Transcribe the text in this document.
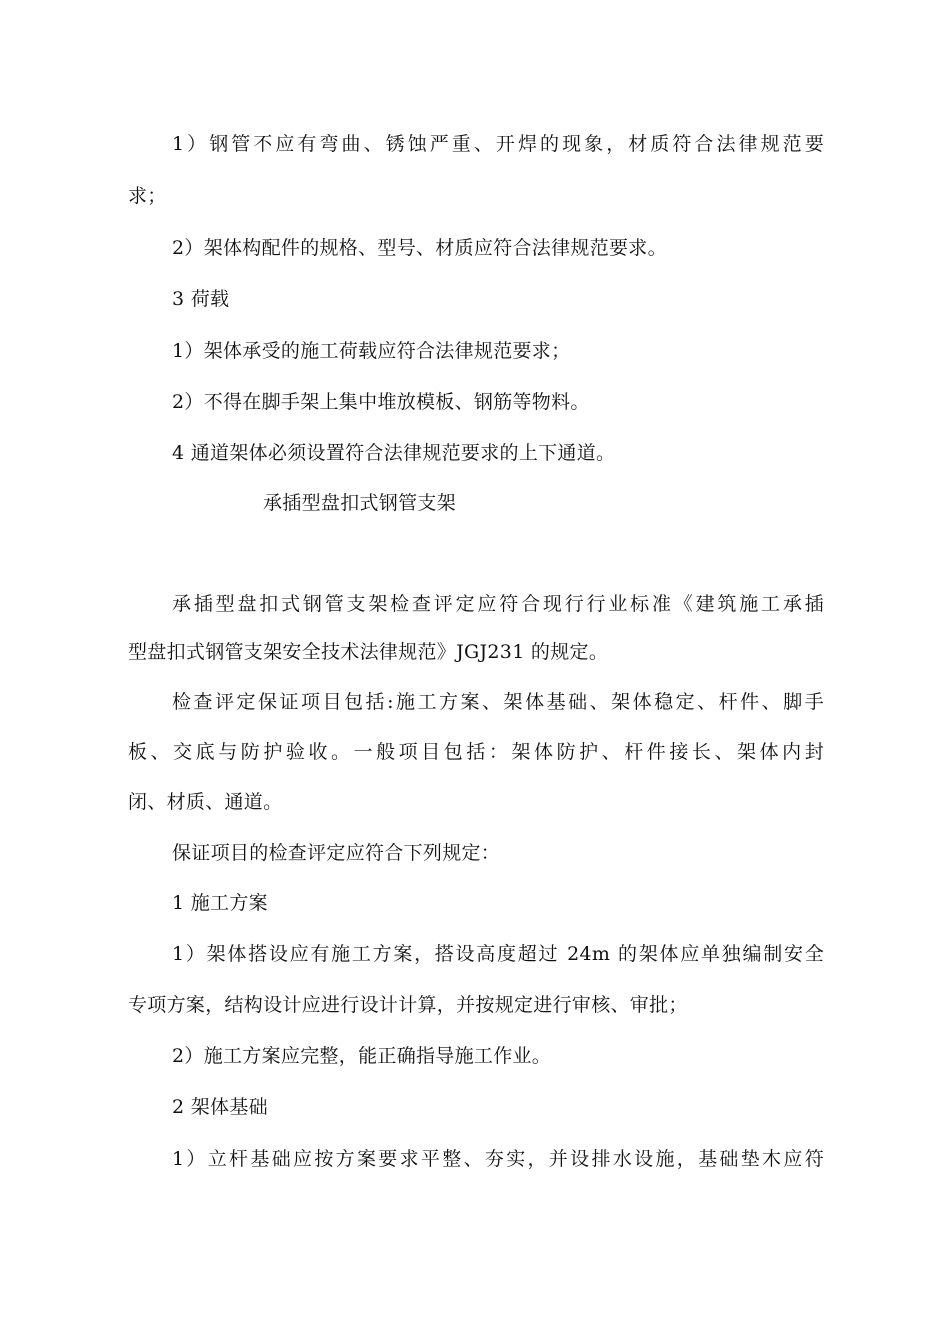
1）钢管不应有弯曲、锈蚀严重、开焊的现象，材质符合法律规范要
求；
2）架体构配件的规格、型号、材质应符合法律规范要求。
3 荷载
1）架体承受的施工荷载应符合法律规范要求；
2）不得在脚手架上集中堆放模板、钢筋等物料。
4 通道架体必须设置符合法律规范要求的上下通道。
承插型盘扣式钢管支架
承插型盘扣式钢管支架检查评定应符合现行行业标准《建筑施工承插
型盘扣式钢管支架安全技术法律规范》JGJ231 的规定。
检查评定保证项目包括:施工方案、架体基础、架体稳定、杆件、脚手
板、交底与防护验收。一般项目包括：架体防护、杆件接长、架体内封
闭、材质、通道。
保证项目的检查评定应符合下列规定：
1 施工方案
1）架体搭设应有施工方案，搭设高度超过 24m 的架体应单独编制安全
专项方案，结构设计应进行设计计算，并按规定进行审核、审批；
2）施工方案应完整，能正确指导施工作业。
2 架体基础
1）立杆基础应按方案要求平整、夯实，并设排水设施，基础垫木应符
